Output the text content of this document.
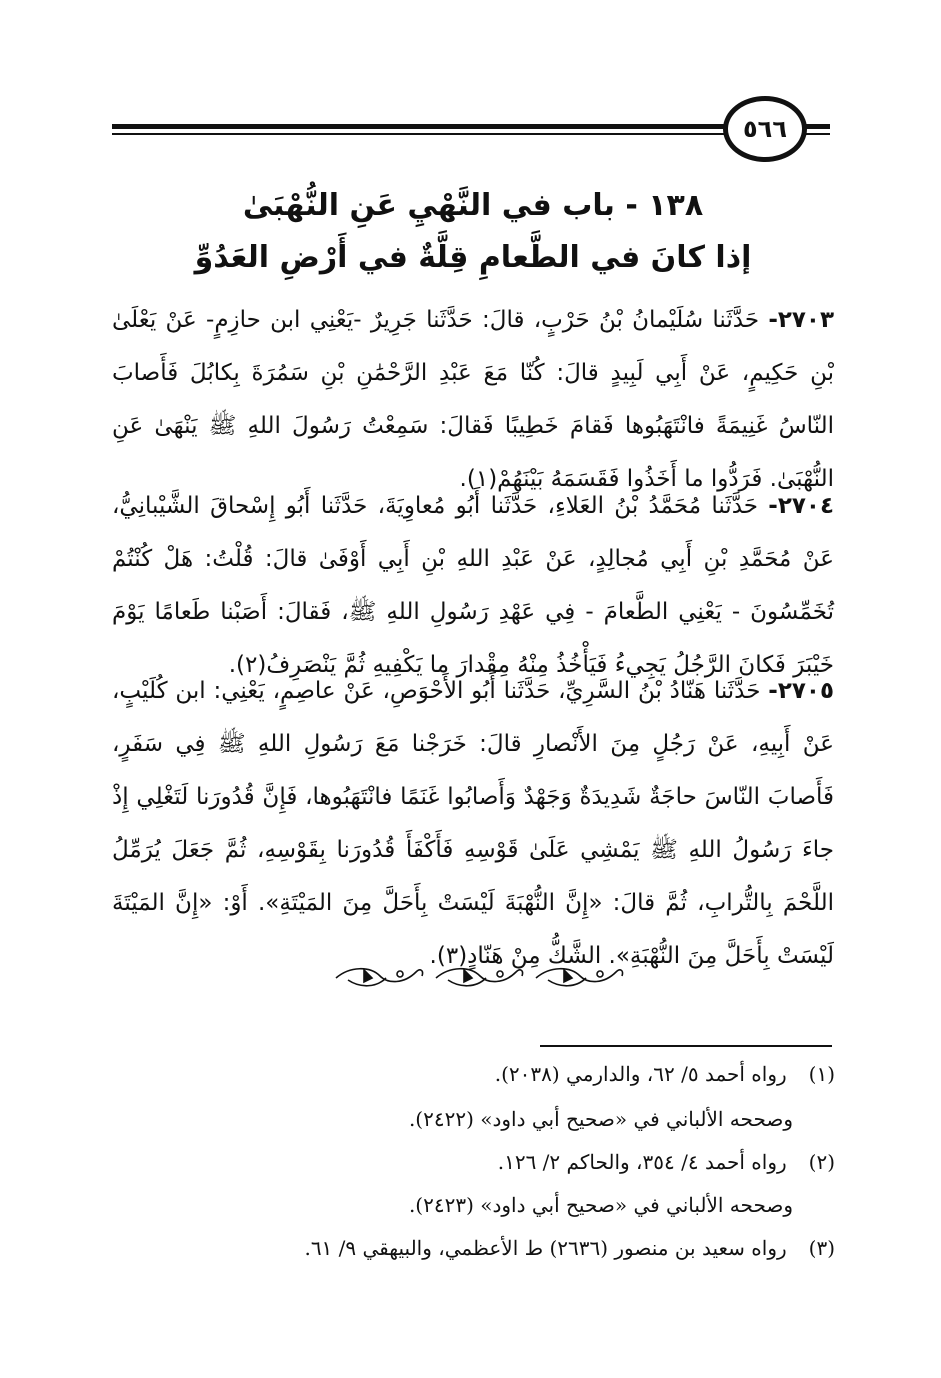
٥٦٦
١٣٨ - باب في النَّهْيِ عَنِ النُّهْبَىٰ
إذا كانَ في الطَّعامِ قِلَّةٌ في أَرْضِ العَدُوِّ
٢٧٠٣- حَدَّثَنا سُلَيْمانُ بْنُ حَرْبٍ، قالَ: حَدَّثَنا جَرِيرٌ -يَعْنِي ابن حازِمٍ- عَنْ يَعْلَىٰ بْنِ حَكِيمٍ، عَنْ أَبِي لَبِيدٍ قالَ: كُنّا مَعَ عَبْدِ الرَّحْمَٰنِ بْنِ سَمُرَةَ بِكابُلَ فَأَصابَ النّاسُ غَنِيمَةً فانْتَهَبُوها فَقامَ خَطِيبًا فَقالَ: سَمِعْتُ رَسُولَ اللهِ ﷺ يَنْهَىٰ عَنِ النُّهْبَىٰ. فَرَدُّوا ما أَخَذُوا فَقَسَمَهُ بَيْنَهُمْ(١).
٢٧٠٤- حَدَّثَنا مُحَمَّدُ بْنُ العَلاءِ، حَدَّثَنا أَبُو مُعاوِيَةَ، حَدَّثَنا أَبُو إِسْحاقَ الشَّيْبانِيُّ، عَنْ مُحَمَّدِ بْنِ أَبِي مُجالِدٍ، عَنْ عَبْدِ اللهِ بْنِ أَبِي أَوْفَىٰ قالَ: قُلْتُ: هَلْ كُنْتُمْ تُخَمِّسُونَ - يَعْنِي الطَّعامَ - فِي عَهْدِ رَسُولِ اللهِ ﷺ، فَقالَ: أَصَبْنا طَعامًا يَوْمَ خَيْبَرَ فَكانَ الرَّجُلُ يَجِيءُ فَيَأْخُذُ مِنْهُ مِقْدارَ ما يَكْفِيهِ ثُمَّ يَنْصَرِفُ(٢).
٢٧٠٥- حَدَّثَنا هَنّادُ بْنُ السَّرِيِّ، حَدَّثَنا أَبُو الأَحْوَصِ، عَنْ عاصِمٍ، يَعْنِي: ابن كُلَيْبٍ، عَنْ أَبِيهِ، عَنْ رَجُلٍ مِنَ الأَنْصارِ قالَ: خَرَجْنا مَعَ رَسُولِ اللهِ ﷺ فِي سَفَرٍ، فَأَصابَ النّاسَ حاجَةٌ شَدِيدَةٌ وَجَهْدٌ وَأَصابُوا غَنَمًا فانْتَهَبُوها، فَإِنَّ قُدُورَنا لَتَغْلِي إِذْ جاءَ رَسُولُ اللهِ ﷺ يَمْشِي عَلَىٰ قَوْسِهِ فَأَكْفَأَ قُدُورَنا بِقَوْسِهِ، ثُمَّ جَعَلَ يُرَمِّلُ اللَّحْمَ بِالتُّرابِ، ثُمَّ قالَ: «إِنَّ النُّهْبَةَ لَيْسَتْ بِأَحَلَّ مِنَ المَيْتَةِ». أَوْ: «إِنَّ المَيْتَةَ لَيْسَتْ بِأَحَلَّ مِنَ النُّهْبَةِ». الشَّكُّ مِنْ هَنّادٍ(٣).
(١) رواه أحمد ٥/ ٦٢، والدارمي (٢٠٣٨).
وصححه الألباني في «صحيح أبي داود» (٢٤٢٢).
(٢) رواه أحمد ٤/ ٣٥٤، والحاكم ٢/ ١٢٦.
وصححه الألباني في «صحيح أبي داود» (٢٤٢٣).
(٣) رواه سعيد بن منصور (٢٦٣٦) ط الأعظمي، والبيهقي ٩/ ٦١.
